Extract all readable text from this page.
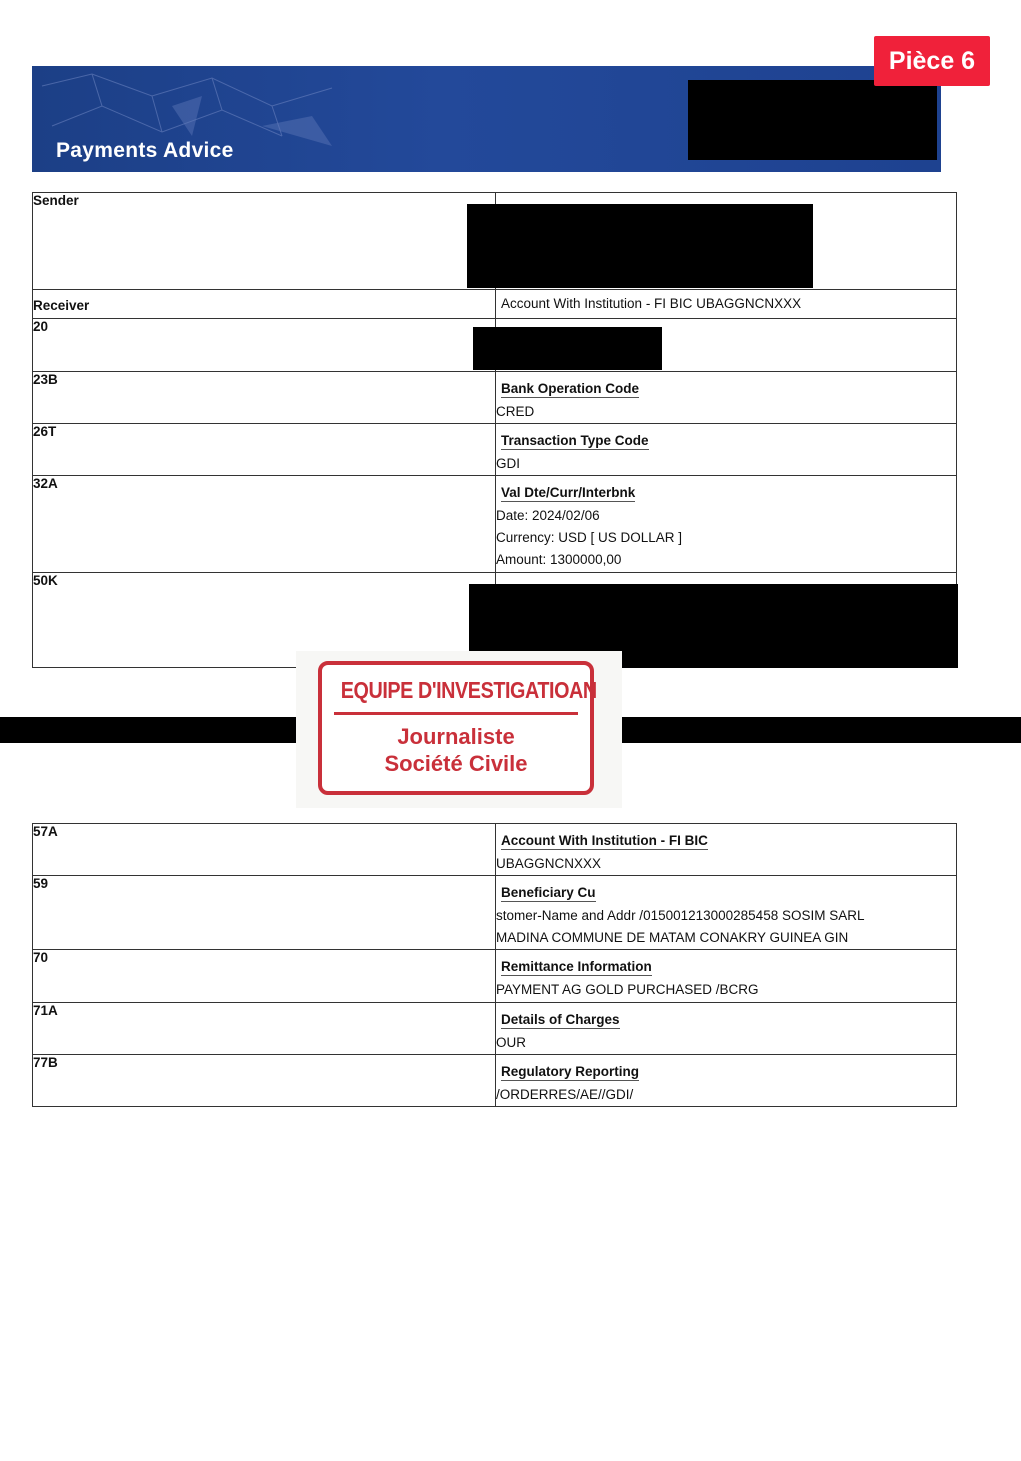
Payments Advice
Pièce 6
Sender	
Receiver	Account With Institution - FI BIC UBAGGNCNXXX

20	
23B	Bank Operation Code
CRED

26T	Transaction Type Code
GDI

32A	Val Dte/Curr/Interbnk
Date: 2024/02/06
Currency: USD [ US DOLLAR ]
Amount: 1300000,00

50K	
EQUIPE D'INVESTIGATIOAN
Journaliste
Société Civile
57A	Account With Institution - FI BIC
UBAGGNCNXXX

59	Beneficiary Cu
stomer-Name and Addr /015001213000285458 SOSIM SARL
MADINA COMMUNE DE MATAM CONAKRY GUINEA GIN

70	Remittance Information
PAYMENT AG GOLD PURCHASED /BCRG

71A	Details of Charges
OUR

77B	Regulatory Reporting
/ORDERRES/AE//GDI/
